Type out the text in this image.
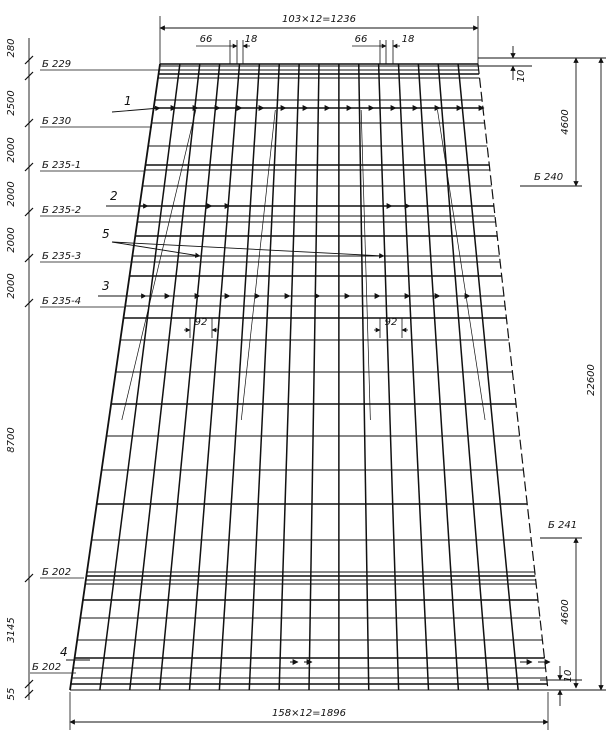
103×12=1236
66	18	66	18
92	92
280
2500
2000
2000
2000
2000
8700
3145
55
Б 229
Б 230
Б 235-1
Б 235-2
Б 235-3
Б 235-4
Б 202
Б 202
Б 240
Б 241
10
4600
22600
4600
10
158×12=1896
1
2
5
3
4
